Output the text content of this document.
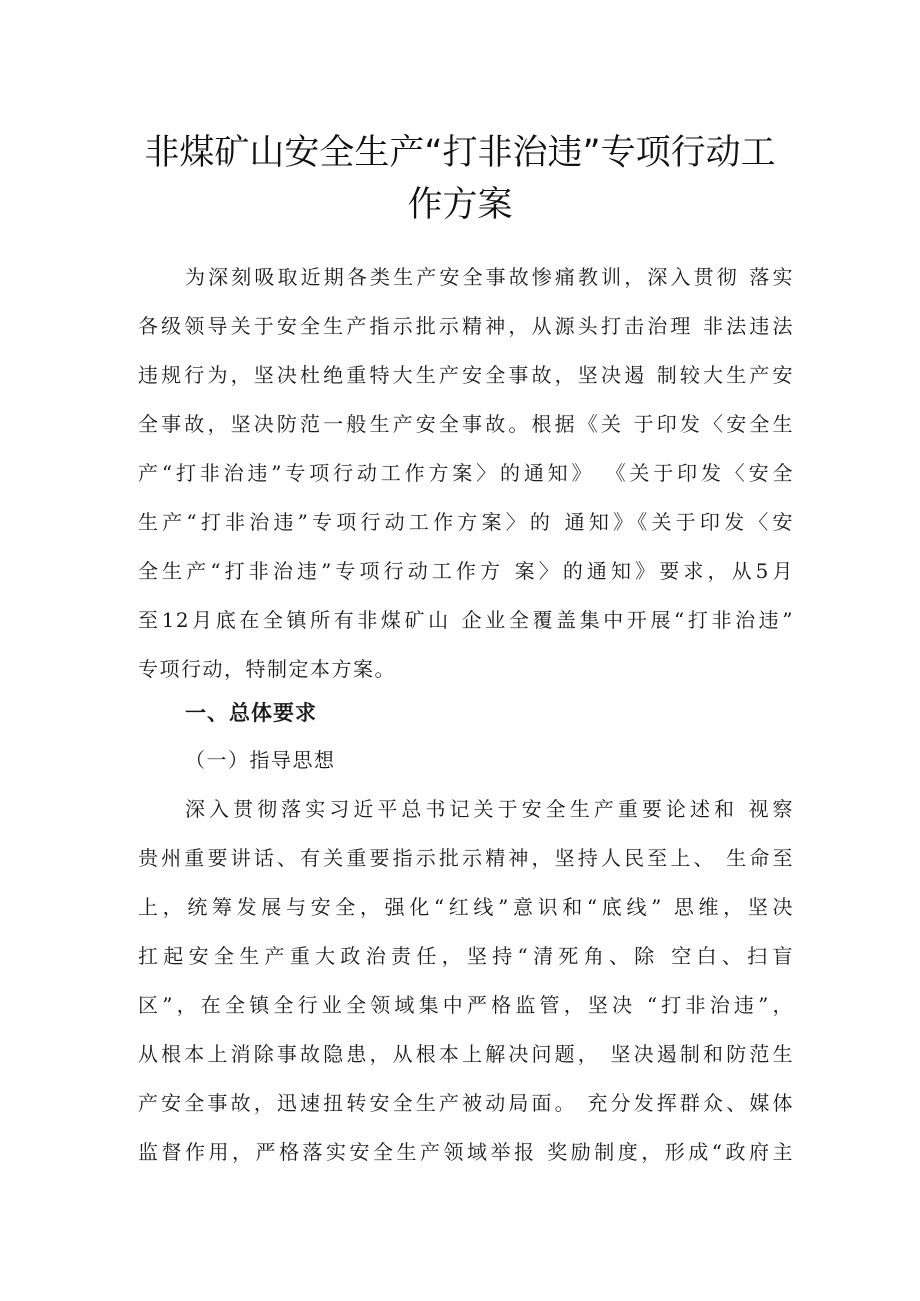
非煤矿山安全生产“打非治违”专项行动工
作方案
为深刻吸取近期各类生产安全事故惨痛教训，深入贯彻 落实
各级领导关于安全生产指示批示精神，从源头打击治理 非法违法
违规行为，坚决杜绝重特大生产安全事故，坚决遏 制较大生产安
全事故，坚决防范一般生产安全事故。根据《关 于印发〈安全生
产“打非治违”专项行动工作方案〉的通知》 《关于印发〈安全
生产“打非治违”专项行动工作方案〉的 通知》《关于印发〈安
全生产“打非治违”专项行动工作方 案〉的通知》要求，从5月
至12月底在全镇所有非煤矿山 企业全覆盖集中开展“打非治违”
专项行动，特制定本方案。
一、总体要求
（一）指导思想
深入贯彻落实习近平总书记关于安全生产重要论述和 视察
贵州重要讲话、有关重要指示批示精神，坚持人民至上、 生命至
上，统筹发展与安全，强化“红线”意识和“底线” 思维，坚决
扛起安全生产重大政治责任，坚持“清死角、除 空白、扫盲
区”，在全镇全行业全领域集中严格监管，坚决 “打非治违”，
从根本上消除事故隐患，从根本上解决问题， 坚决遏制和防范生
产安全事故，迅速扭转安全生产被动局面。 充分发挥群众、媒体
监督作用，严格落实安全生产领域举报 奖励制度，形成“政府主
